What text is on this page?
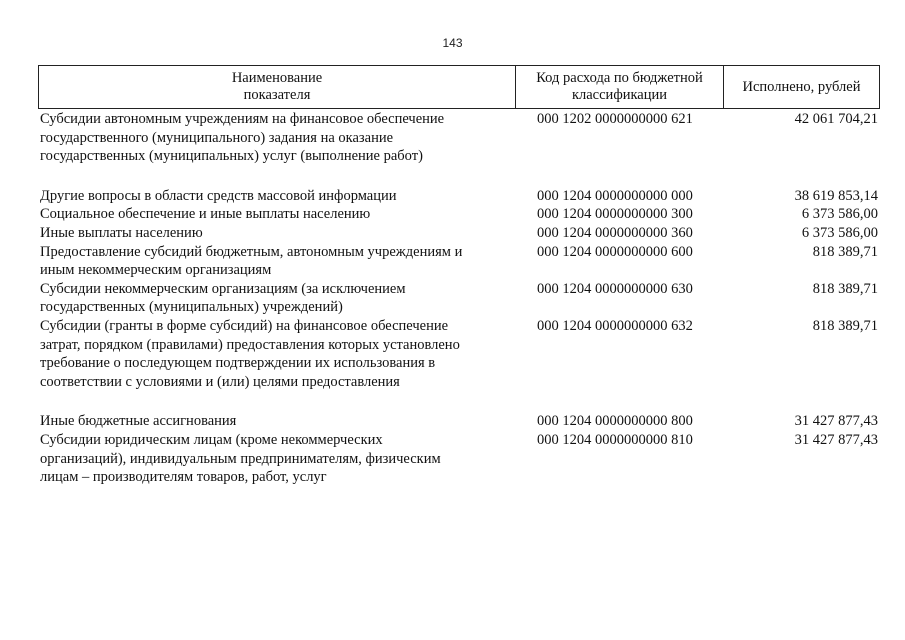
143
Наименование
показателя
Код расхода по бюджетной
классификации
Исполнено, рублей
Субсидии автономным учреждениям на финансовое обеспечение
государственного (муниципального) задания на оказание
государственных (муниципальных) услуг (выполнение работ)
000 1202 0000000000 621	42 061 704,21
Другие вопросы в области средств массовой информации	000 1204 0000000000 000	38 619 853,14
Социальное обеспечение и иные выплаты населению	000 1204 0000000000 300	6 373 586,00
Иные выплаты населению	000 1204 0000000000 360	6 373 586,00
Предоставление субсидий бюджетным, автономным учреждениям и
иным некоммерческим организациям
000 1204 0000000000 600	818 389,71
Субсидии некоммерческим организациям (за исключением
государственных (муниципальных) учреждений)
000 1204 0000000000 630	818 389,71
Субсидии (гранты в форме субсидий) на финансовое обеспечение
затрат, порядком (правилами) предоставления которых установлено
требование о последующем подтверждении их использования в
соответствии с условиями и (или) целями предоставления
000 1204 0000000000 632	818 389,71
Иные бюджетные ассигнования	000 1204 0000000000 800	31 427 877,43
Субсидии юридическим лицам (кроме некоммерческих
организаций), индивидуальным предпринимателям, физическим
лицам – производителям товаров, работ, услуг
000 1204 0000000000 810	31 427 877,43
